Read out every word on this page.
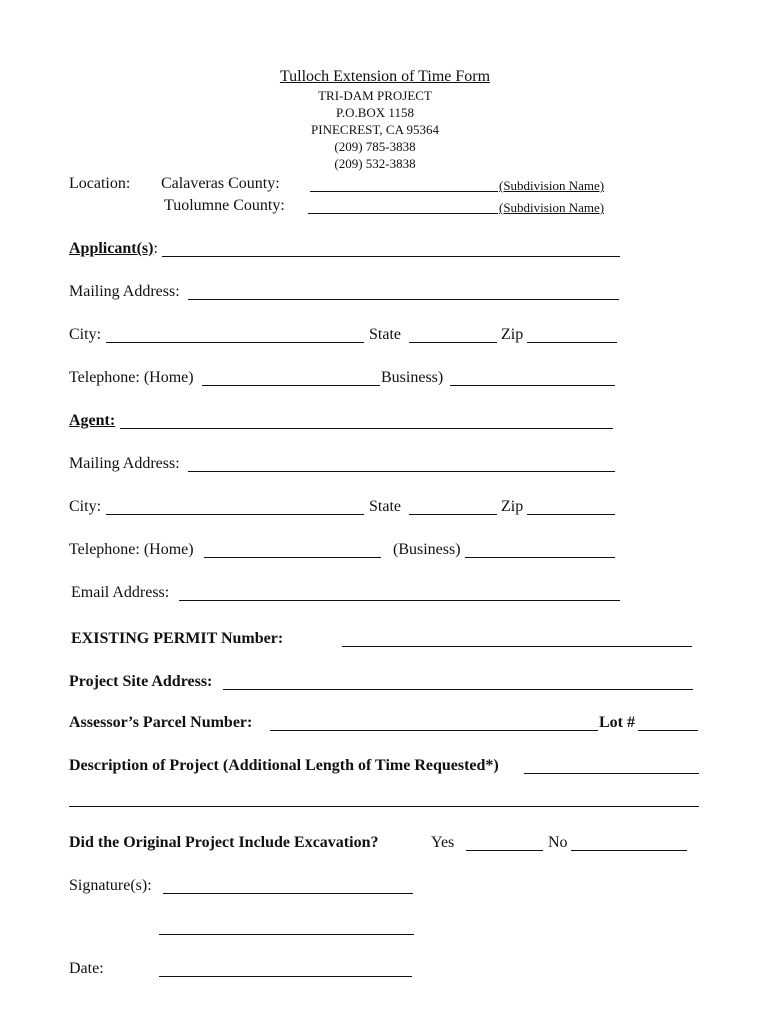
Tulloch Extension of Time Form
TRI-DAM PROJECT
P.O.BOX 1158
PINECREST, CA 95364
(209) 785-3838
(209) 532-3838
Location: Calaveras County:	(Subdivision Name)
Tuolumne County:	(Subdivision Name)
Applicant(s):
Mailing Address:
City:	State	Zip
Telephone: (Home)	Business)
Agent:
Mailing Address:
City:	State	Zip
Telephone: (Home)	(Business)
Email Address:
EXISTING PERMIT Number:
Project Site Address:
Assessor’s Parcel Number:	Lot #
Description of Project (Additional Length of Time Requested*)
Did the Original Project Include Excavation?	Yes	No
Signature(s):
Date:
